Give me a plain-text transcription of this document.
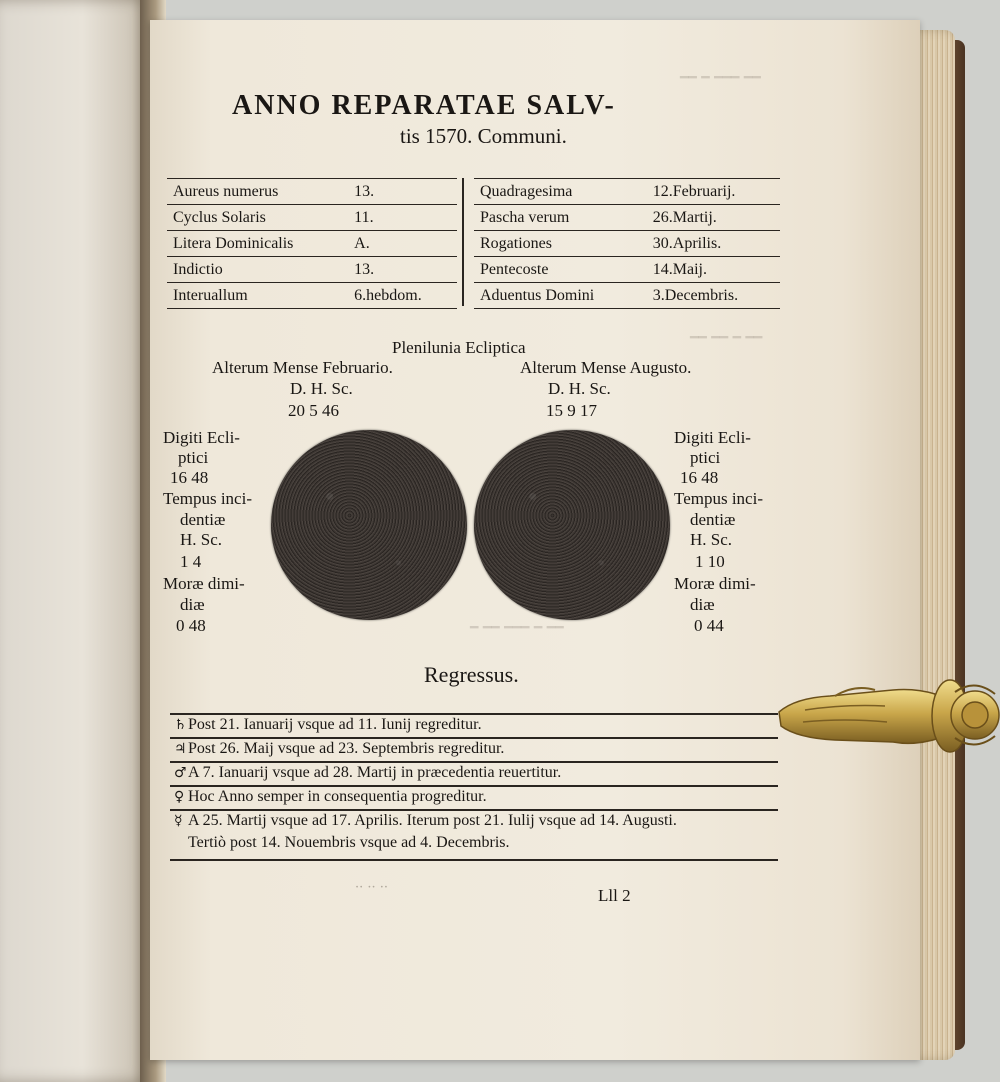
━━ ━ ━━━ ━━
━━ ━━ ━ ━━
━ ━━ ━━━ ━ ━━
ANNO REPARATAE SALV-
tis 1570. Communi.
Aureus numerus	13.
Cyclus Solaris	11.
Litera Dominicalis	A.
Indictio	13.
Interuallum	6.hebdom.
Quadragesima	12.Februarij.
Pascha verum	26.Martij.
Rogationes	30.Aprilis.
Pentecoste	14.Maij.
Aduentus Domini	3.Decembris.
Plenilunia Ecliptica
Alterum Mense Februario.
D. H. Sc.
20 5 46
Alterum Mense Augusto.
D. H. Sc.
15 9 17
Digiti Ecli-
ptici
16 48
Tempus inci-
dentiæ
H. Sc.
1 4
Moræ dimi-
diæ
0 48
Digiti Ecli-
ptici
16 48
Tempus inci-
dentiæ
H. Sc.
1 10
Moræ dimi-
diæ
0 44
Regressus.
♄Post 21. Ianuarij vsque ad 11. Iunij regreditur.
♃Post 26. Maij vsque ad 23. Septembris regreditur.
♂A 7. Ianuarij vsque ad 28. Martij in præcedentia reuertitur.
♀ Hoc Anno semper in consequentia progreditur.
☿ A 25. Martij vsque ad 17. Aprilis. Iterum post 21. Iulij vsque ad 14. Augusti.
Tertiò post 14. Nouembris vsque ad 4. Decembris.
·· ·· ··	Lll 2
